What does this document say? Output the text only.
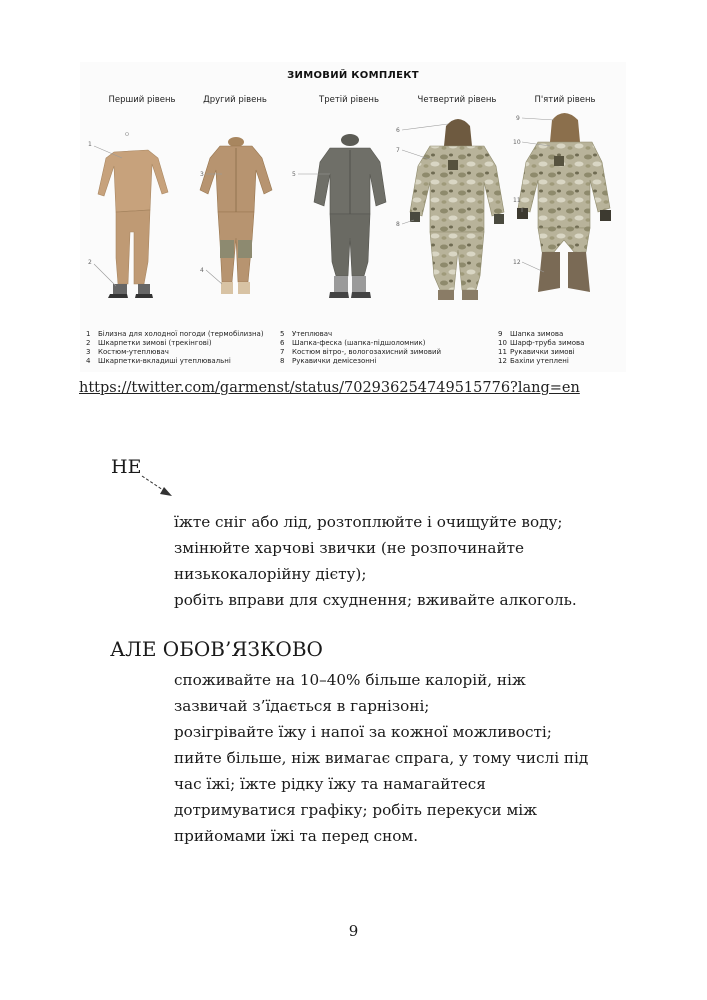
ЗИМОВИЙ КОМПЛЕКТ
Перший рівень	Другий рівень	Третій рівень	Четвертий рівень	П'ятий рівень
1
2
3
4
5
6
7
8
9
10
11
12
1 Білизна для холодної погоди (термобілизна)
2 Шкарпетки зимові (трекінгові)
3 Костюм-утеплювач
4 Шкарпетки-вкладиші утеплювальні
5 Утеплювач
6 Шапка-феска (шапка-підшоломник)
7 Костюм вітро-, вологозахисний зимовий
8 Рукавички демісезонні
9 Шапка зимова
10 Шарф-труба зимова
11 Рукавички зимові
12 Бахіли утеплені
https://twitter.com/garmenst/status/702936254749515776?lang=en
НЕ
їжте сніг або лід, розтоплюйте і очищуйте воду;
змінюйте харчові звички (не розпочинайте
низькокалорійну дієту);
робіть вправи для схуднення; вживайте алкоголь.
АЛЕ ОБОВ’ЯЗКОВО
споживайте на 10–40% більше калорій, ніж
зазвичай з’їдається в гарнізоні;
розігрівайте їжу і напої за кожної можливості;
пийте більше, ніж вимагає спрага, у тому числі під
час їжі; їжте рідку їжу та намагайтеся
дотримуватися графіку; робіть перекуси між
прийомами їжі та перед сном.
9
